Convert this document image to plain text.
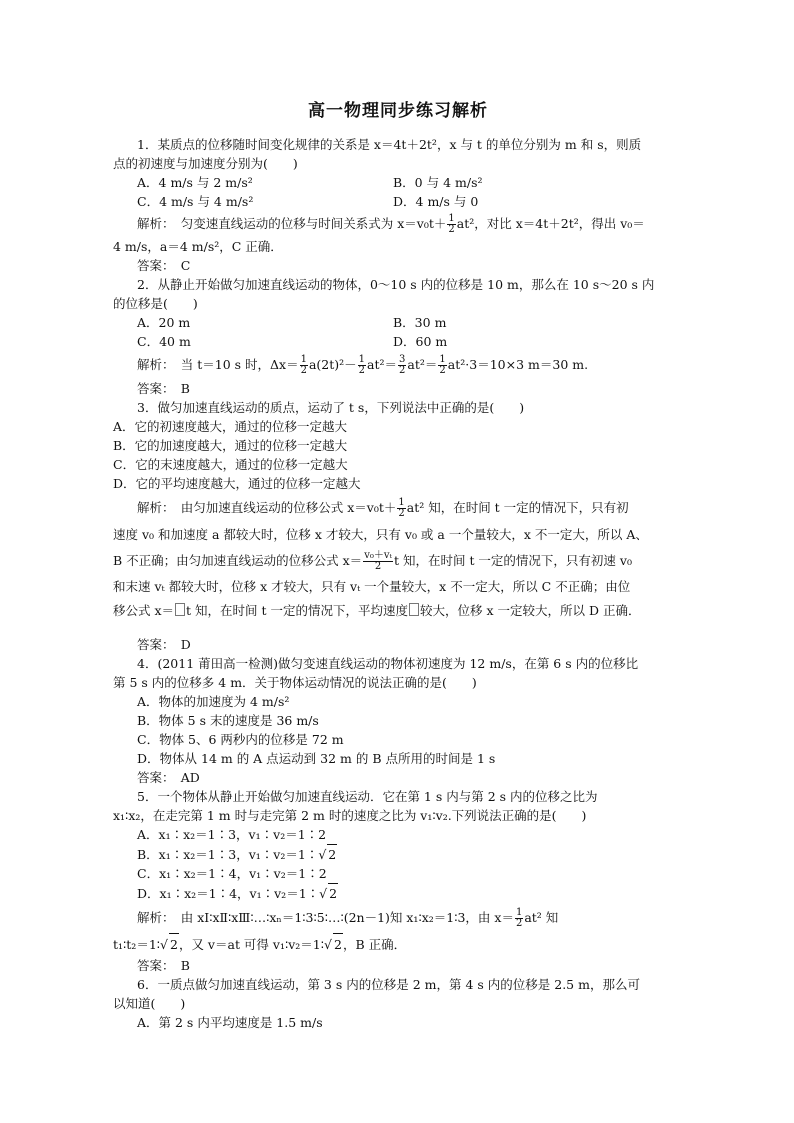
高一物理同步练习解析
1．某质点的位移随时间变化规律的关系是 x＝4t＋2t²，x 与 t 的单位分别为 m 和 s，则质
点的初速度与加速度分别为(　　)
A．4 m/s 与 2 m/s²	B．0 与 4 m/s²
C．4 m/s 与 4 m/s²	D．4 m/s 与 0
解析：　匀变速直线运动的位移与时间关系式为 $x=v_0t+ \frac{1}{2} at^2$，对比 x＝4t＋2t²，得出 v₀＝
4 m/s，a＝4 m/s²，C 正确．
答案：　C
2．从静止开始做匀加速直线运动的物体，0～10 s 内的位移是 10 m，那么在 10 s～20 s 内
的位移是(　　)
A．20 m	B．30 m
C．40 m	D．60 m
解析：　当 t＝10 s 时，$\Delta x= \frac{1}{2} a(2t)^2- \frac{1}{2} at^2= \frac{3}{2} at^2= \frac{1}{2} at^2\cdot 3=10\times 3$ m＝30 m.
答案：　B
3．做匀加速直线运动的质点，运动了 t s，下列说法中正确的是(　　)
A．它的初速度越大，通过的位移一定越大
B．它的加速度越大，通过的位移一定越大
C．它的末速度越大，通过的位移一定越大
D．它的平均速度越大，通过的位移一定越大
解析：　由匀加速直线运动的位移公式 $x=v_0t+ \frac{1}{2} at^2$ 知，在时间 t 一定的情况下，只有初
速度 v₀ 和加速度 a 都较大时，位移 x 才较大，只有 v₀ 或 a 一个量较大，x 不一定大，所以 A、
B 不正确；由匀加速直线运动的位移公式 $x= \frac{\text{v₀＋vₜ}}{2}$ t 知，在时间 t 一定的情况下，只有初速 v₀
和末速 vₜ 都较大时，位移 x 才较大，只有 vₜ 一个量较大，x 不一定大，所以 C 不正确；由位
移公式 x＝ t 知，在时间 t 一定的情况下，平均速度 较大，位移 x 一定较大，所以 D 正确．
答案：　D
4．(2011 莆田高一检测)做匀变速直线运动的物体初速度为 12 m/s，在第 6 s 内的位移比
第 5 s 内的位移多 4 m．关于物体运动情况的说法正确的是(　　)
A．物体的加速度为 4 m/s²
B．物体 5 s 末的速度是 36 m/s
C．物体 5、6 两秒内的位移是 72 m
D．物体从 14 m 的 A 点运动到 32 m 的 B 点所用的时间是 1 s
答案：　AD
5．一个物体从静止开始做匀加速直线运动．它在第 1 s 内与第 2 s 内的位移之比为
x₁∶x₂，在走完第 1 m 时与走完第 2 m 时的速度之比为 v₁∶v₂.下列说法正确的是(　　)
A．x₁∶x₂＝1∶3，v₁∶v₂＝1∶2
B．x₁∶x₂＝1∶3，v₁∶v₂＝1∶√ 2
C．x₁∶x₂＝1∶4，v₁∶v₂＝1∶2
D．x₁∶x₂＝1∶4，v₁∶v₂＝1∶√ 2
解析：　由 xⅠ∶xⅡ∶xⅢ∶…∶xₙ＝1∶3∶5∶…∶(2n－1)知 x₁∶x₂＝1∶3，由 $x= \frac{1}{2} at^2$ 知
t₁∶t₂＝1∶√ 2，又 v＝at 可得 v₁∶v₂＝1∶√ 2，B 正确．
答案：　B
6．一质点做匀加速直线运动，第 3 s 内的位移是 2 m，第 4 s 内的位移是 2.5 m，那么可
以知道(　　)
A．第 2 s 内平均速度是 1.5 m/s
